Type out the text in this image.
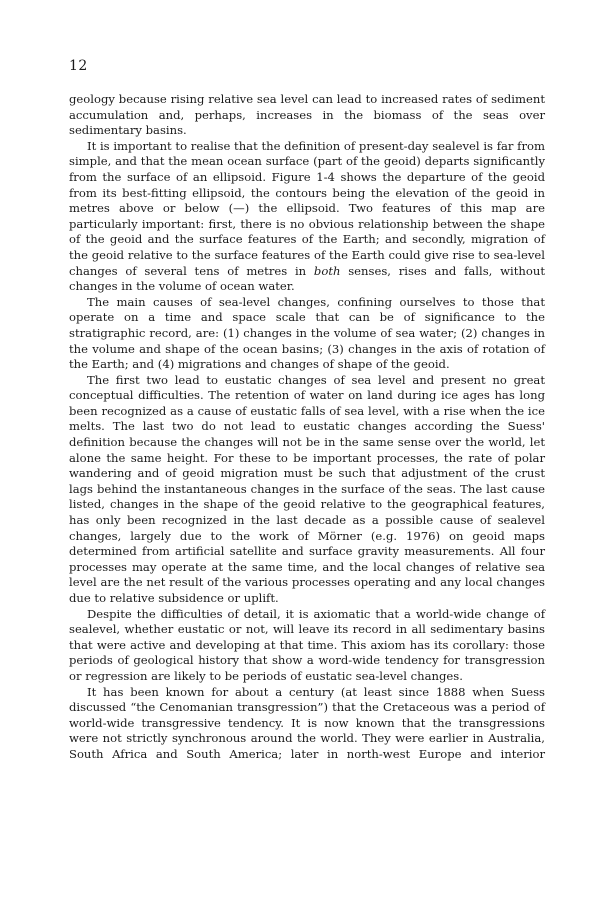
12

geology because rising relative sea level can lead to increased rates of sediment accumulation and, perhaps, increases in the biomass of the seas over sedimentary basins.

It is important to realise that the definition of present-day sealevel is far from simple, and that the mean ocean surface (part of the geoid) departs significantly from the surface of an ellipsoid. Figure 1-4 shows the departure of the geoid from its best-fitting ellipsoid, the contours being the elevation of the geoid in metres above or below (—) the ellipsoid. Two features of this map are particularly important: first, there is no obvious relationship between the shape of the geoid and the surface features of the Earth; and secondly, migration of the geoid relative to the surface features of the Earth could give rise to sea-level changes of several tens of metres in both senses, rises and falls, without changes in the volume of ocean water.

The main causes of sea-level changes, confining ourselves to those that operate on a time and space scale that can be of significance to the stratigraphic record, are: (1) changes in the volume of sea water; (2) changes in the volume and shape of the ocean basins; (3) changes in the axis of rotation of the Earth; and (4) migrations and changes of shape of the geoid.

The first two lead to eustatic changes of sea level and present no great conceptual difficulties. The retention of water on land during ice ages has long been recognized as a cause of eustatic falls of sea level, with a rise when the ice melts. The last two do not lead to eustatic changes according the Suess' definition because the changes will not be in the same sense over the world, let alone the same height. For these to be important processes, the rate of polar wandering and of geoid migration must be such that adjustment of the crust lags behind the instantaneous changes in the surface of the seas. The last cause listed, changes in the shape of the geoid relative to the geographical features, has only been recognized in the last decade as a possible cause of sealevel changes, largely due to the work of Mörner (e.g. 1976) on geoid maps determined from artificial satellite and surface gravity measurements. All four processes may operate at the same time, and the local changes of relative sea level are the net result of the various processes operating and any local changes due to relative subsidence or uplift.

Despite the difficulties of detail, it is axiomatic that a world-wide change of sealevel, whether eustatic or not, will leave its record in all sedimentary basins that were active and developing at that time. This axiom has its corollary: those periods of geological history that show a word-wide tendency for transgression or regression are likely to be periods of eustatic sea-level changes.

It has been known for about a century (at least since 1888 when Suess discussed “the Cenomanian transgression”) that the Cretaceous was a period of world-wide transgressive tendency. It is now known that the transgressions were not strictly synchronous around the world. They were earlier in Australia, South Africa and South America; later in north-west Europe and interior
